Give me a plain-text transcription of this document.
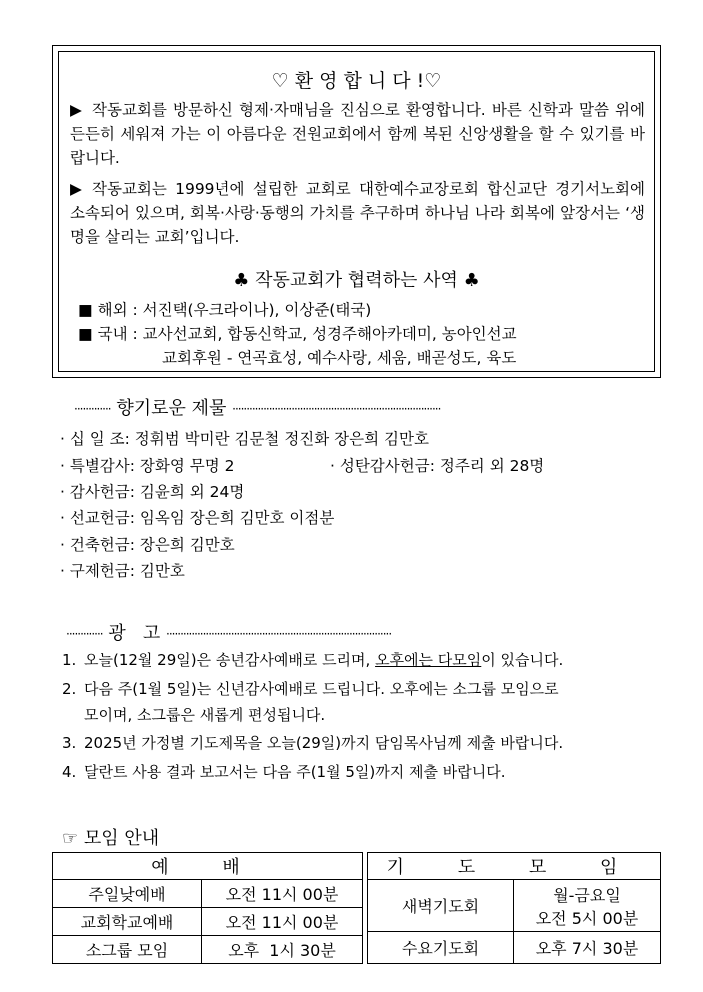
♡ 환 영 합 니 다 !♡
▶ 작동교회를 방문하신 형제·자매님을 진심으로 환영합니다. 바른 신학과 말씀 위에 든든히 세워져 가는 이 아름다운 전원교회에서 함께 복된 신앙생활을 할 수 있기를 바랍니다.
▶ 작동교회는 1999년에 설립한 교회로 대한예수교장로회 합신교단 경기서노회에 소속되어 있으며, 회복·사랑·동행의 가치를 추구하며 하나님 나라 회복에 앞장서는 ‘생명을 살리는 교회’입니다.
♣ 작동교회가 협력하는 사역 ♣
■ 해외 : 서진택(우크라이나), 이상준(태국)
■ 국내 : 교사선교회, 합동신학교, 성경주해아카데미, 농아인선교
교회후원 - 연곡효성, 예수사랑, 세움, 배곧성도, 육도
············· 향기로운 제물 ··········································································
· 십 일 조: 정휘범 박미란 김문철 정진화 장은희 김만호
· 특별감사: 장화영 무명 2	· 성탄감사헌금: 정주리 외 28명
· 감사헌금: 김윤희 외 24명
· 선교헌금: 임옥임 장은희 김만호 이점분
· 건축헌금: 장은희 김만호
· 구제헌금: 김만호
············· 광   고 ················································································
1. 오늘(12월 29일)은 송년감사예배로 드리며, 오후에는 다모임이 있습니다.
2. 다음 주(1월 5일)는 신년감사예배로 드립니다. 오후에는 소그룹 모임으로
모이며, 소그룹은 새롭게 편성됩니다.
3. 2025년 가정별 기도제목을 오늘(29일)까지 담임목사님께 제출 바랍니다.
4. 달란트 사용 결과 보고서는 다음 주(1월 5일)까지 제출 바랍니다.
☞ 모임 안내
예 배	
주일낮예배	오전 11시 00분
교회학교예배	오전 11시 00분
소그룹 모임	오후  1시 30분
기 도 모 임	
새벽기도회	월-금요일
오전 5시 00분

수요기도회	오후 7시 30분
